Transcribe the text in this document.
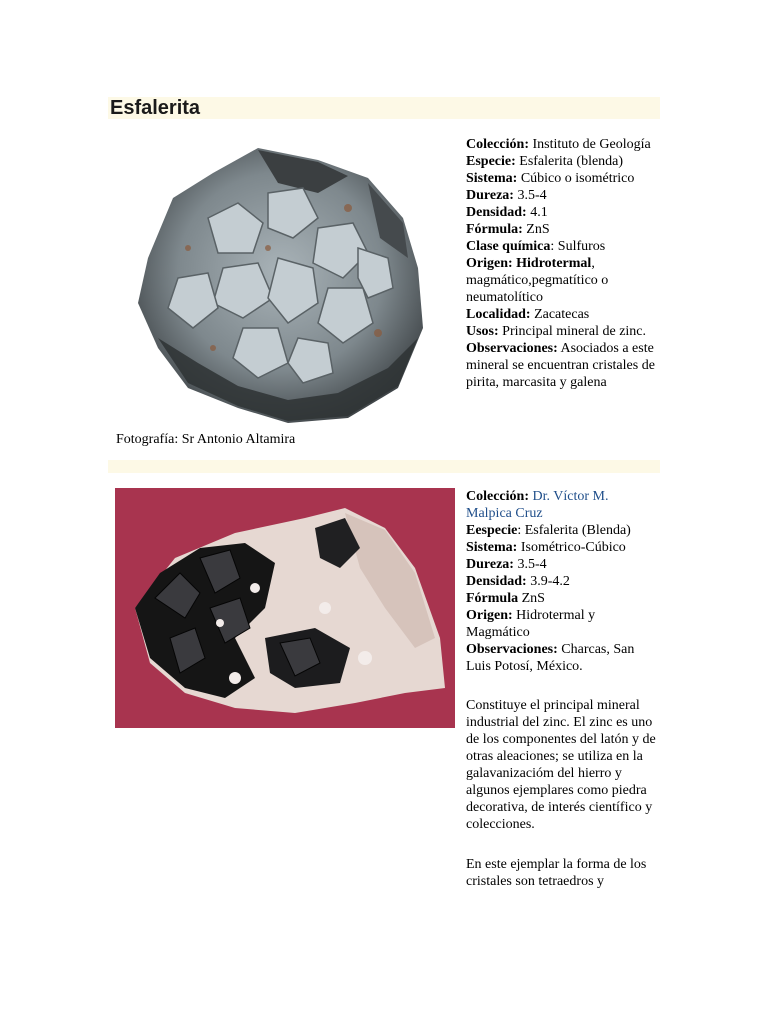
Esfalerita
Fotografía: Sr Antonio Altamira
Colección: Instituto de Geología
Especie: Esfalerita (blenda)
Sistema: Cúbico o isométrico
Dureza: 3.5-4
Densidad: 4.1
Fórmula: ZnS
Clase química: Sulfuros
Origen: Hidrotermal, magmático,pegmatítico o neumatolítico
Localidad: Zacatecas
Usos: Principal mineral de zinc.
Observaciones: Asociados a este mineral se encuentran cristales de pirita, marcasita y galena
Colección: Dr. Víctor M. Malpica Cruz
Eespecie: Esfalerita (Blenda)
Sistema: Isométrico-Cúbico
Dureza: 3.5-4
Densidad: 3.9-4.2
Fórmula ZnS
Origen: Hidrotermal y Magmático
Observaciones: Charcas, San Luis Potosí, México.

Constituye el principal mineral industrial del zinc. El zinc es uno de los componentes del latón y de otras aleaciones; se utiliza en la galavanizacióm del hierro y algunos ejemplares como piedra decorativa, de interés científico y colecciones.

En este ejemplar la forma de los cristales son tetraedros y
